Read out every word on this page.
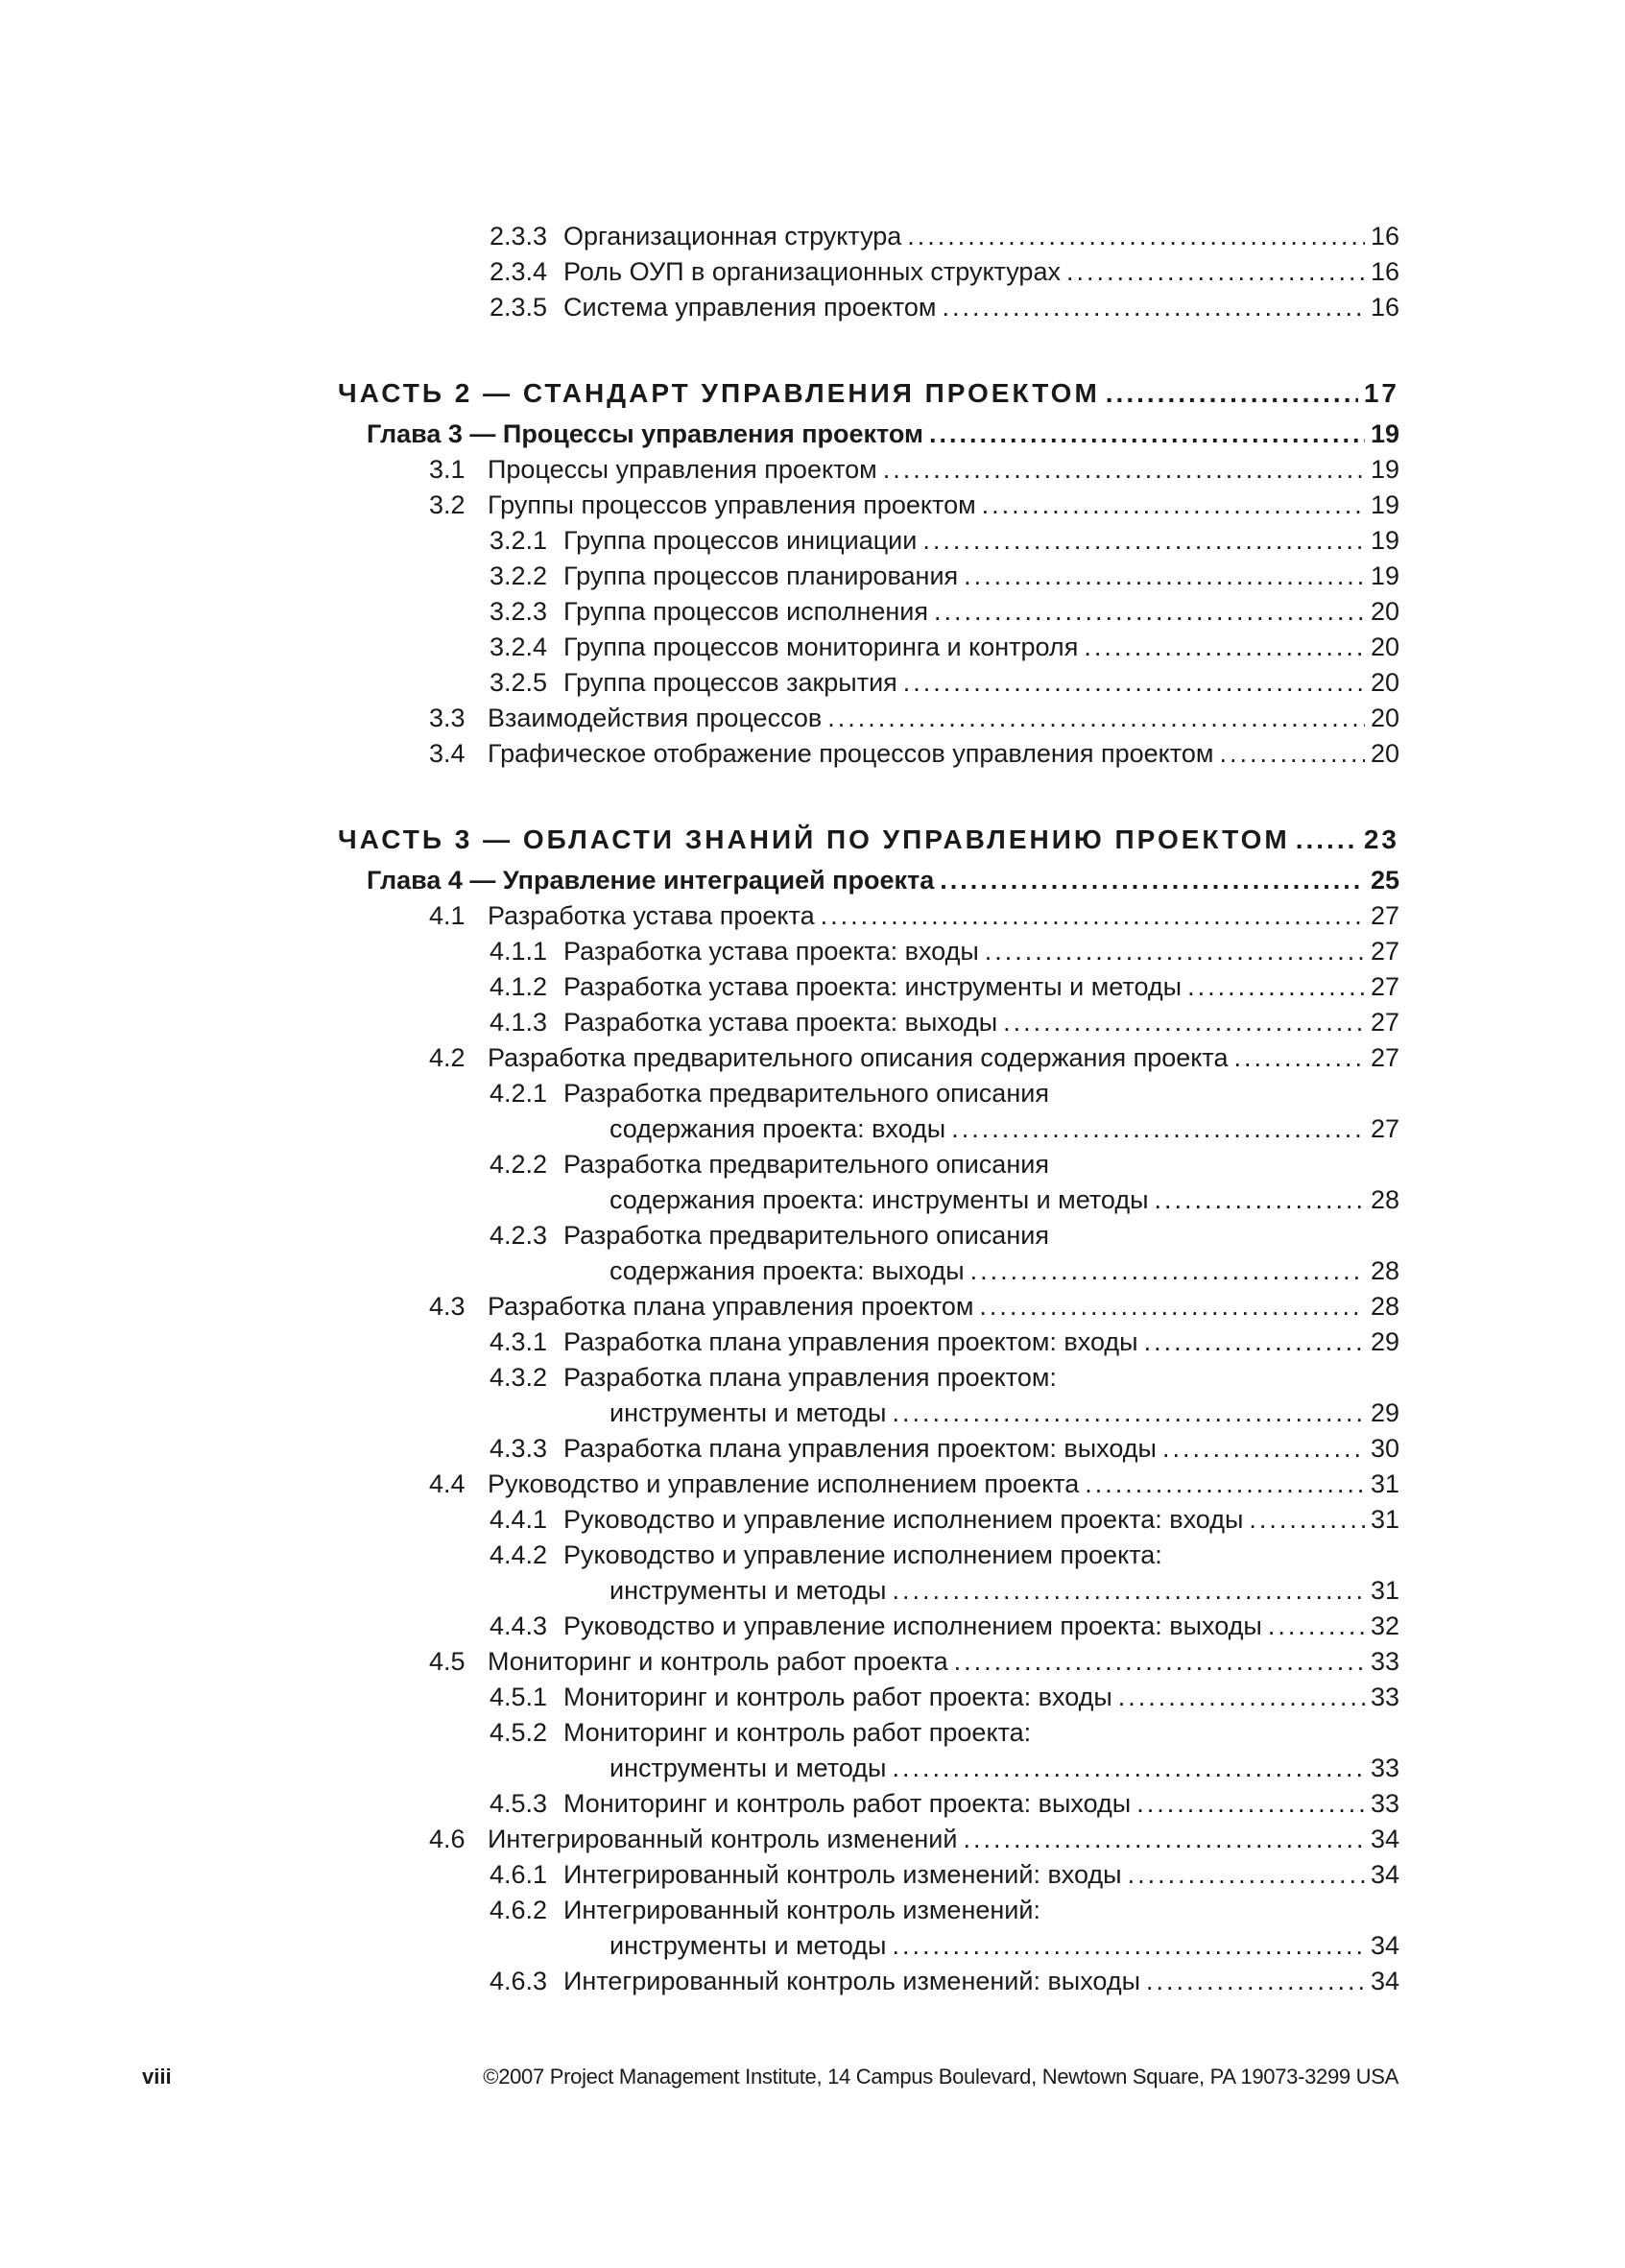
2.3.3 Организационная структура .....	16
2.3.4 Роль ОУП в организационных структурах .....	16
2.3.5 Система управления проектом .....	16
ЧАСТЬ 2 — СТАНДАРТ УПРАВЛЕНИЯ ПРОЕКТОМ .....	17
Глава 3 — Процессы управления проектом .....	19
3.1 Процессы управления проектом .....	19
3.2 Группы процессов управления проектом .....	19
3.2.1 Группа процессов инициации .....	19
3.2.2 Группа процессов планирования .....	19
3.2.3 Группа процессов исполнения .....	20
3.2.4 Группа процессов мониторинга и контроля .....	20
3.2.5 Группа процессов закрытия .....	20
3.3 Взаимодействия процессов .....	20
3.4 Графическое отображение процессов управления проектом .....	20
ЧАСТЬ 3 — ОБЛАСТИ ЗНАНИЙ ПО УПРАВЛЕНИЮ ПРОЕКТОМ .....	23
Глава 4 — Управление интеграцией проекта .....	25
4.1 Разработка устава проекта .....	27
4.1.1 Разработка устава проекта: входы .....	27
4.1.2 Разработка устава проекта: инструменты и методы .....	27
4.1.3 Разработка устава проекта: выходы .....	27
4.2 Разработка предварительного описания содержания проекта .....	27
4.2.1 Разработка предварительного описания
содержания проекта: входы .....	27
4.2.2 Разработка предварительного описания
содержания проекта: инструменты и методы .....	28
4.2.3 Разработка предварительного описания
содержания проекта: выходы .....	28
4.3 Разработка плана управления проектом .....	28
4.3.1 Разработка плана управления проектом: входы .....	29
4.3.2 Разработка плана управления проектом:
инструменты и методы .....	29
4.3.3 Разработка плана управления проектом: выходы .....	30
4.4 Руководство и управление исполнением проекта .....	31
4.4.1 Руководство и управление исполнением проекта: входы .....	31
4.4.2 Руководство и управление исполнением проекта:
инструменты и методы .....	31
4.4.3 Руководство и управление исполнением проекта: выходы .....	32
4.5 Мониторинг и контроль работ проекта .....	33
4.5.1 Мониторинг и контроль работ проекта: входы .....	33
4.5.2 Мониторинг и контроль работ проекта:
инструменты и методы .....	33
4.5.3 Мониторинг и контроль работ проекта: выходы .....	33
4.6 Интегрированный контроль изменений .....	34
4.6.1 Интегрированный контроль изменений: входы .....	34
4.6.2 Интегрированный контроль изменений:
инструменты и методы .....	34
4.6.3 Интегрированный контроль изменений: выходы .....	34
viii	©2007 Project Management Institute, 14 Campus Boulevard, Newtown Square, PA 19073-3299 USA
